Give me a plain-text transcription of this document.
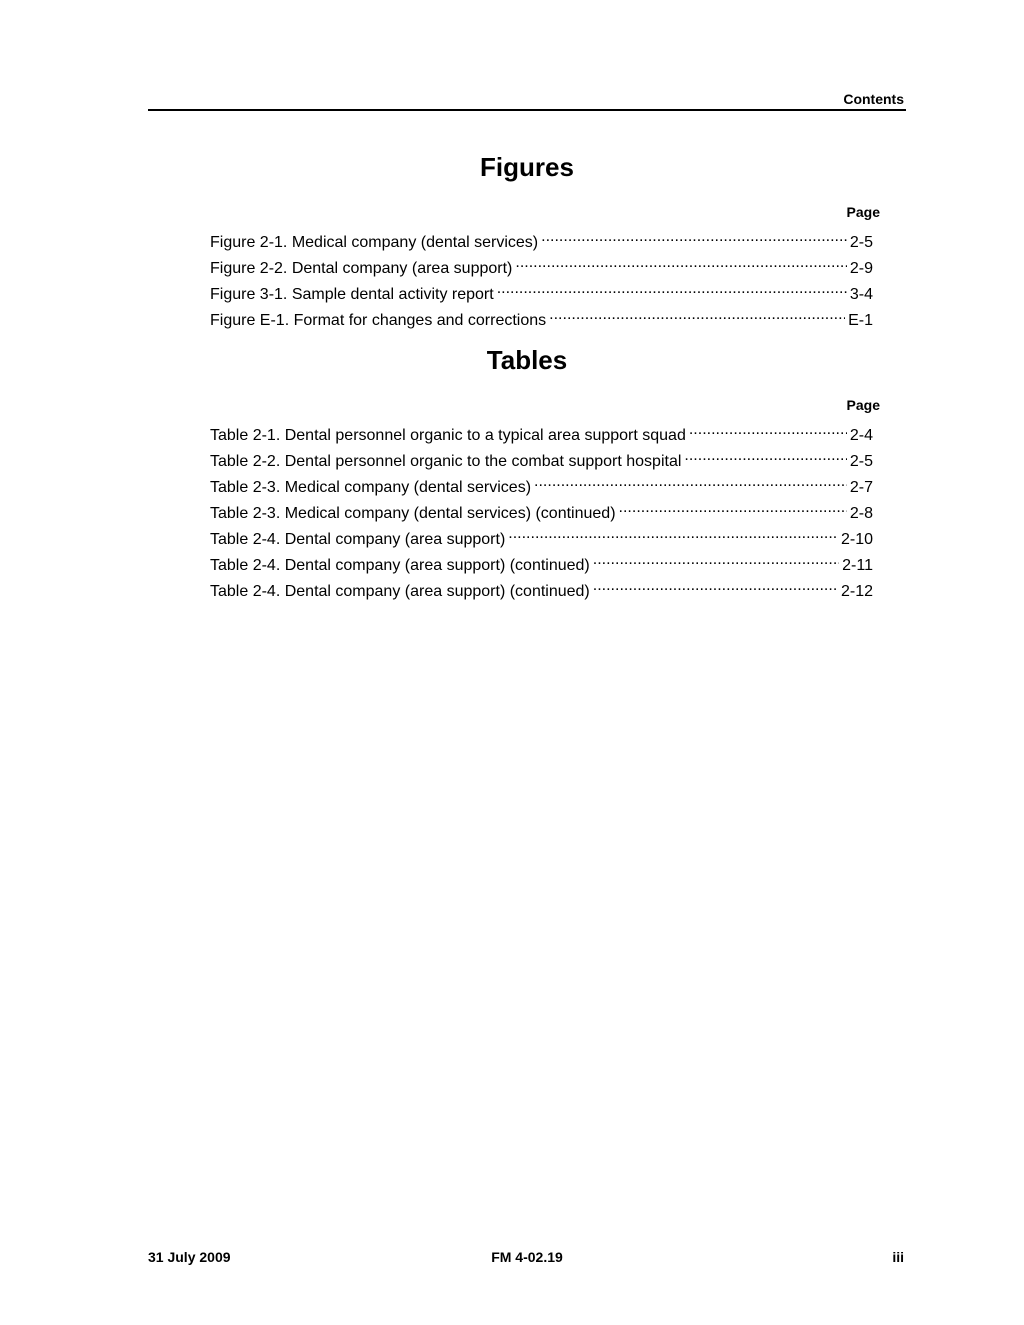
Contents
Figures
Page
Figure 2-1. Medical company (dental services) .....	2-5
Figure 2-2. Dental company (area support) .....	2-9
Figure 3-1. Sample dental activity report .....	3-4
Figure E-1. Format for changes and corrections .....	E-1
Tables
Page
Table 2-1. Dental personnel organic to a typical area support squad .....	2-4
Table 2-2. Dental personnel organic to the combat support hospital .....	2-5
Table 2-3. Medical company (dental services) .....	2-7
Table 2-3. Medical company (dental services) (continued) .....	2-8
Table 2-4. Dental company (area support) .....	2-10
Table 2-4. Dental company (area support) (continued) .....	2-11
Table 2-4. Dental company (area support) (continued) .....	2-12
31 July 2009	FM 4-02.19	iii
